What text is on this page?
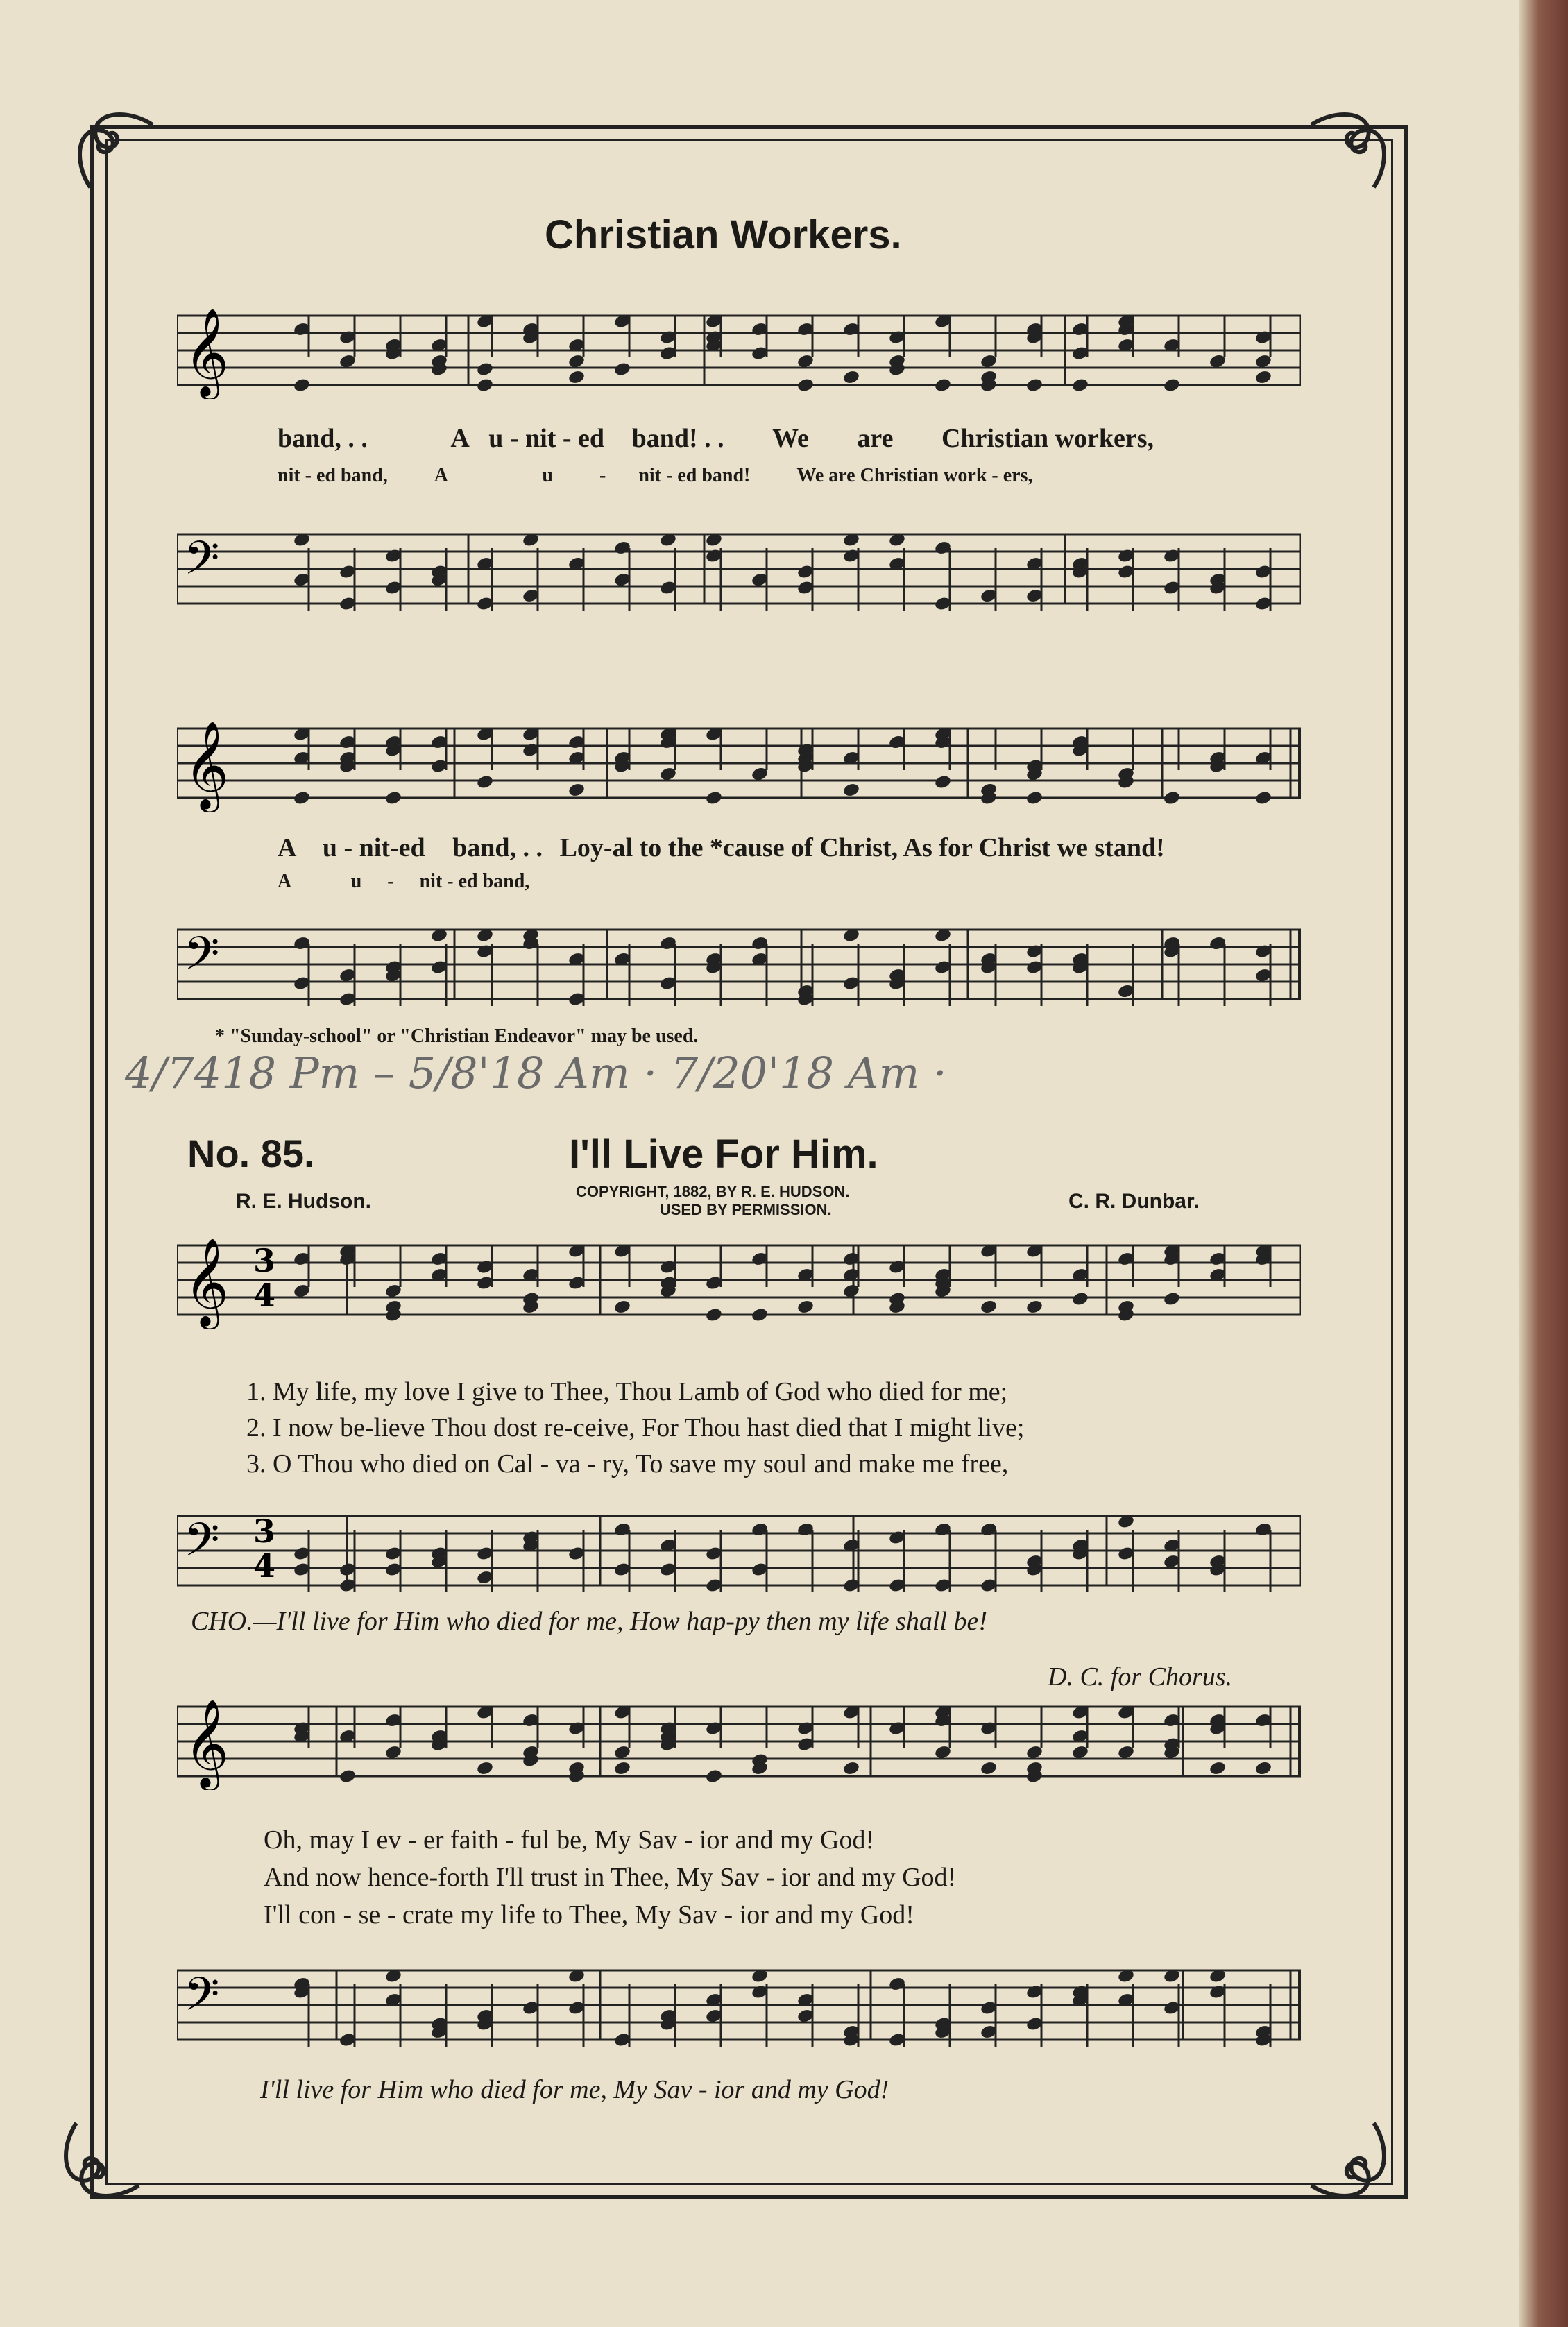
Christian Workers.
𝄞
𝄢
band, . .	A u - nit - ed band! . . We are Christian workers,
nit - ed band, A	u - nit - ed band! We are Christian work - ers,
𝄞
A u - nit-ed band, . . Loy-al to the *cause of Christ, As for Christ we stand!
A	u - nit - ed band,
𝄢
* "Sunday-school" or "Christian Endeavor" may be used.
4/7418 Pm – 5/8'18 Am · 7/20'18 Am ·
No. 85.	I'll Live For Him.
R. E. Hudson.	COPYRIGHT, 1882, BY R. E. HUDSON.
USED BY PERMISSION.	C. R. Dunbar.
𝄞 3
4
1. My life, my love I give to Thee, Thou Lamb of God who died for me;
2. I now be-lieve Thou dost re-ceive, For Thou hast died that I might live;
3. O Thou who died on Cal - va - ry, To save my soul and make me free,
𝄢 3
4
CHO.—I'll live for Him who died for me, How hap-py then my life shall be!
D. C. for Chorus.
𝄞
Oh, may I ev - er faith - ful be, My Sav - ior and my God!
And now hence-forth I'll trust in Thee, My Sav - ior and my God!
I'll con - se - crate my life to Thee, My Sav - ior and my God!
𝄢
I'll live for Him who died for me, My Sav - ior and my God!
